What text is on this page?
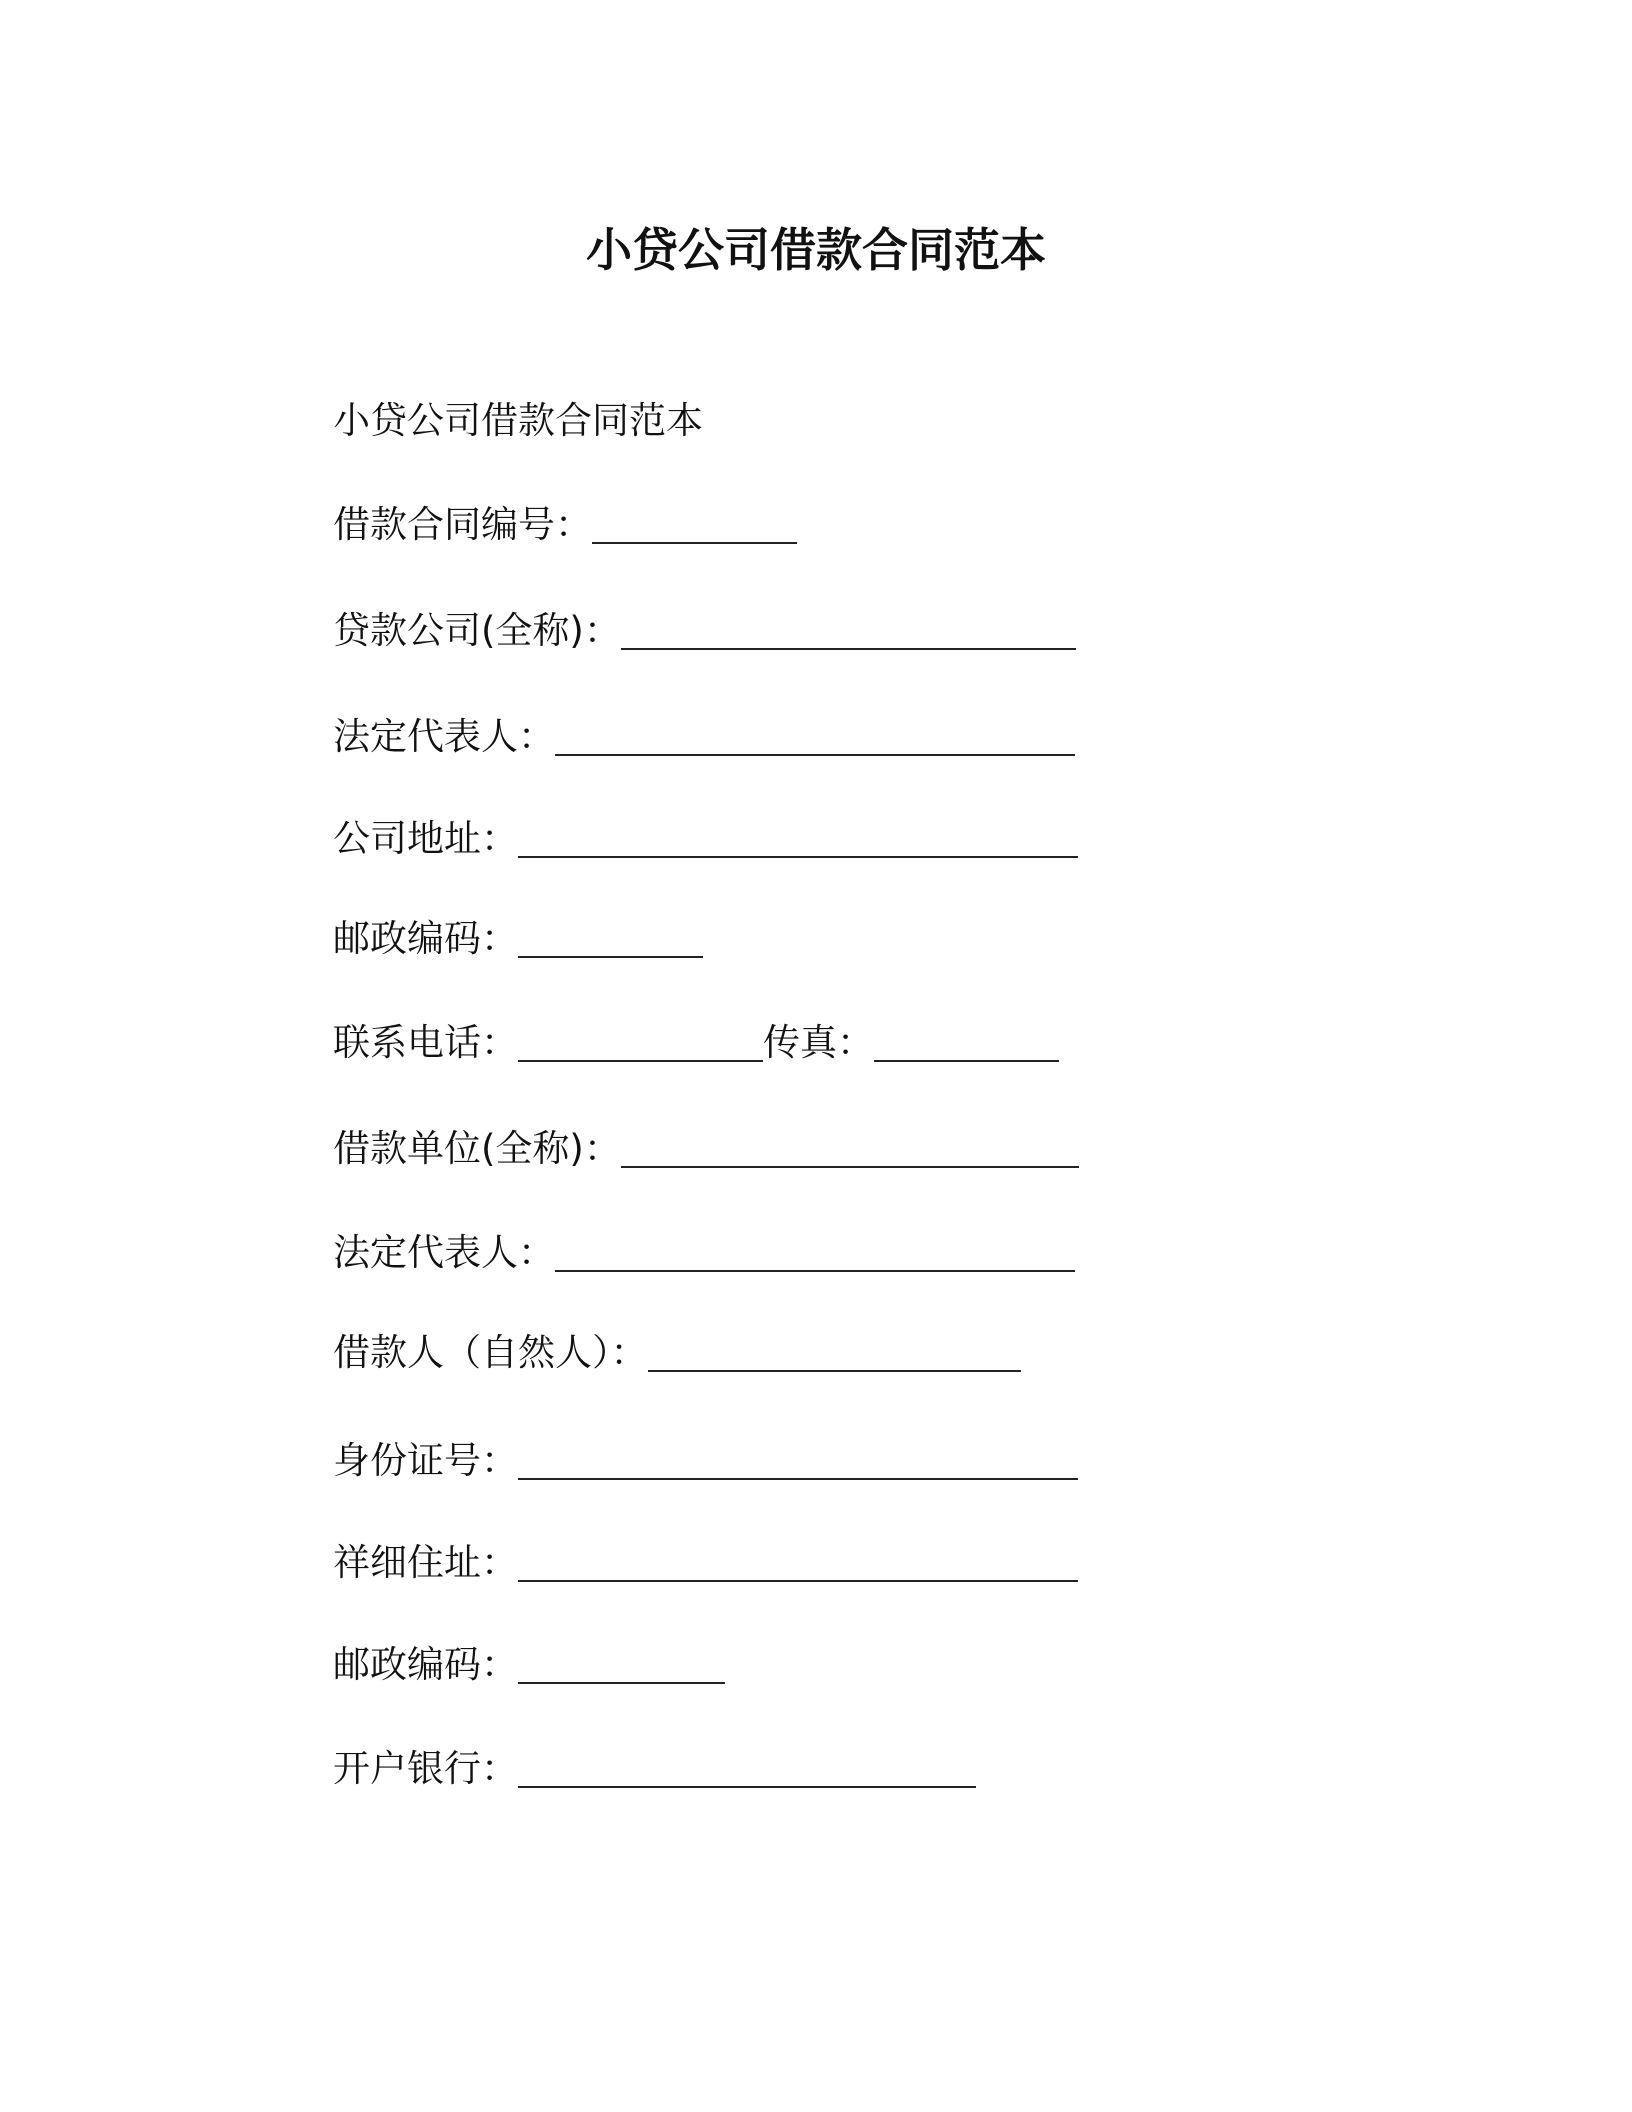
小贷公司借款合同范本
小贷公司借款合同范本
借款合同编号：
贷款公司(全称)：
法定代表人：
公司地址：
邮政编码：
联系电话：	传真：
借款单位(全称)：
法定代表人：
借款人（自然人）：
身份证号：
祥细住址：
邮政编码：
开户银行：
